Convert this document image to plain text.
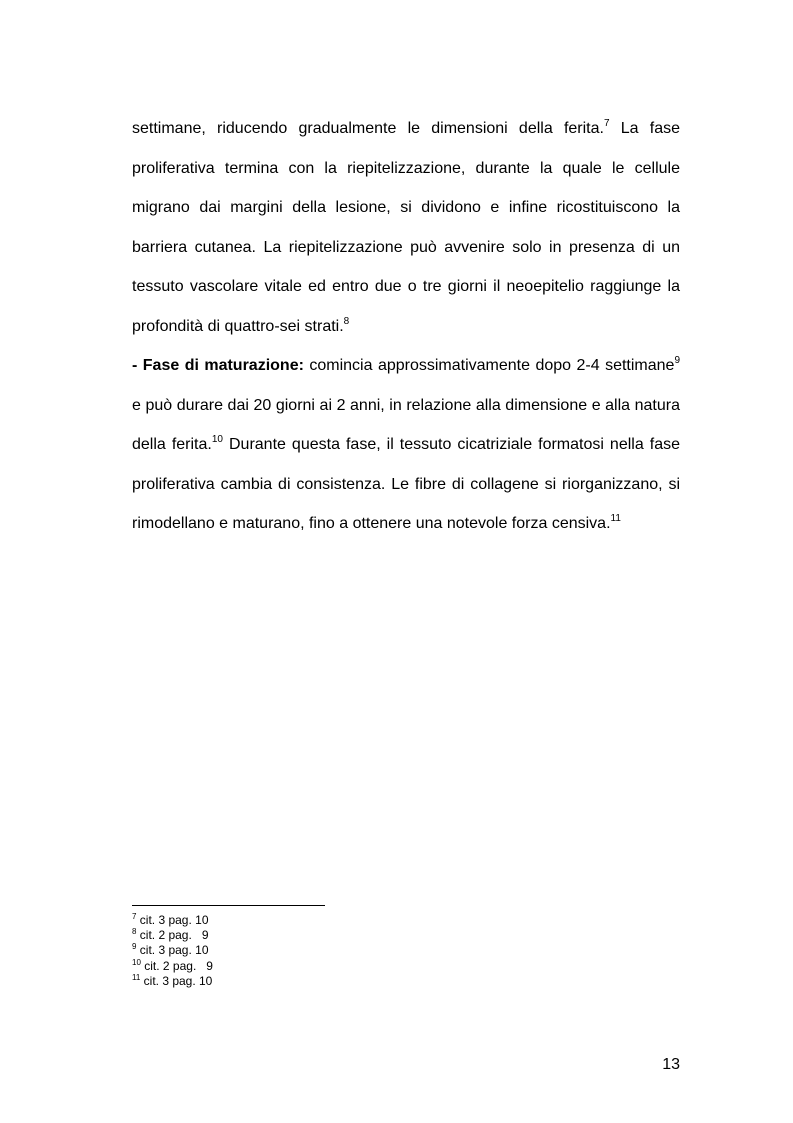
settimane, riducendo gradualmente le dimensioni della ferita.$^7$ La fase proliferativa termina con la riepitelizzazione, durante la quale le cellule migrano dai margini della lesione, si dividono e infine ricostituiscono la barriera cutanea. La riepitelizzazione può avvenire solo in presenza di un tessuto vascolare vitale ed entro due o tre giorni il neoepitelio raggiunge la profondità di quattro-sei strati.$^8$

- Fase di maturazione: comincia approssimativamente dopo 2-4 settimane$^9$ e può durare dai 20 giorni ai 2 anni, in relazione alla dimensione e alla natura della ferita.$^{10}$ Durante questa fase, il tessuto cicatriziale formatosi nella fase proliferativa cambia di consistenza. Le fibre di collagene si riorganizzano, si rimodellano e maturano, fino a ottenere una notevole forza censiva.$^{11}$

$^7$ cit. 3 pag. 10
$^8$ cit. 2 pag.   9
$^9$ cit. 3 pag. 10
$^{10}$ cit. 2 pag.   9
$^{11}$ cit. 3 pag. 10
13
